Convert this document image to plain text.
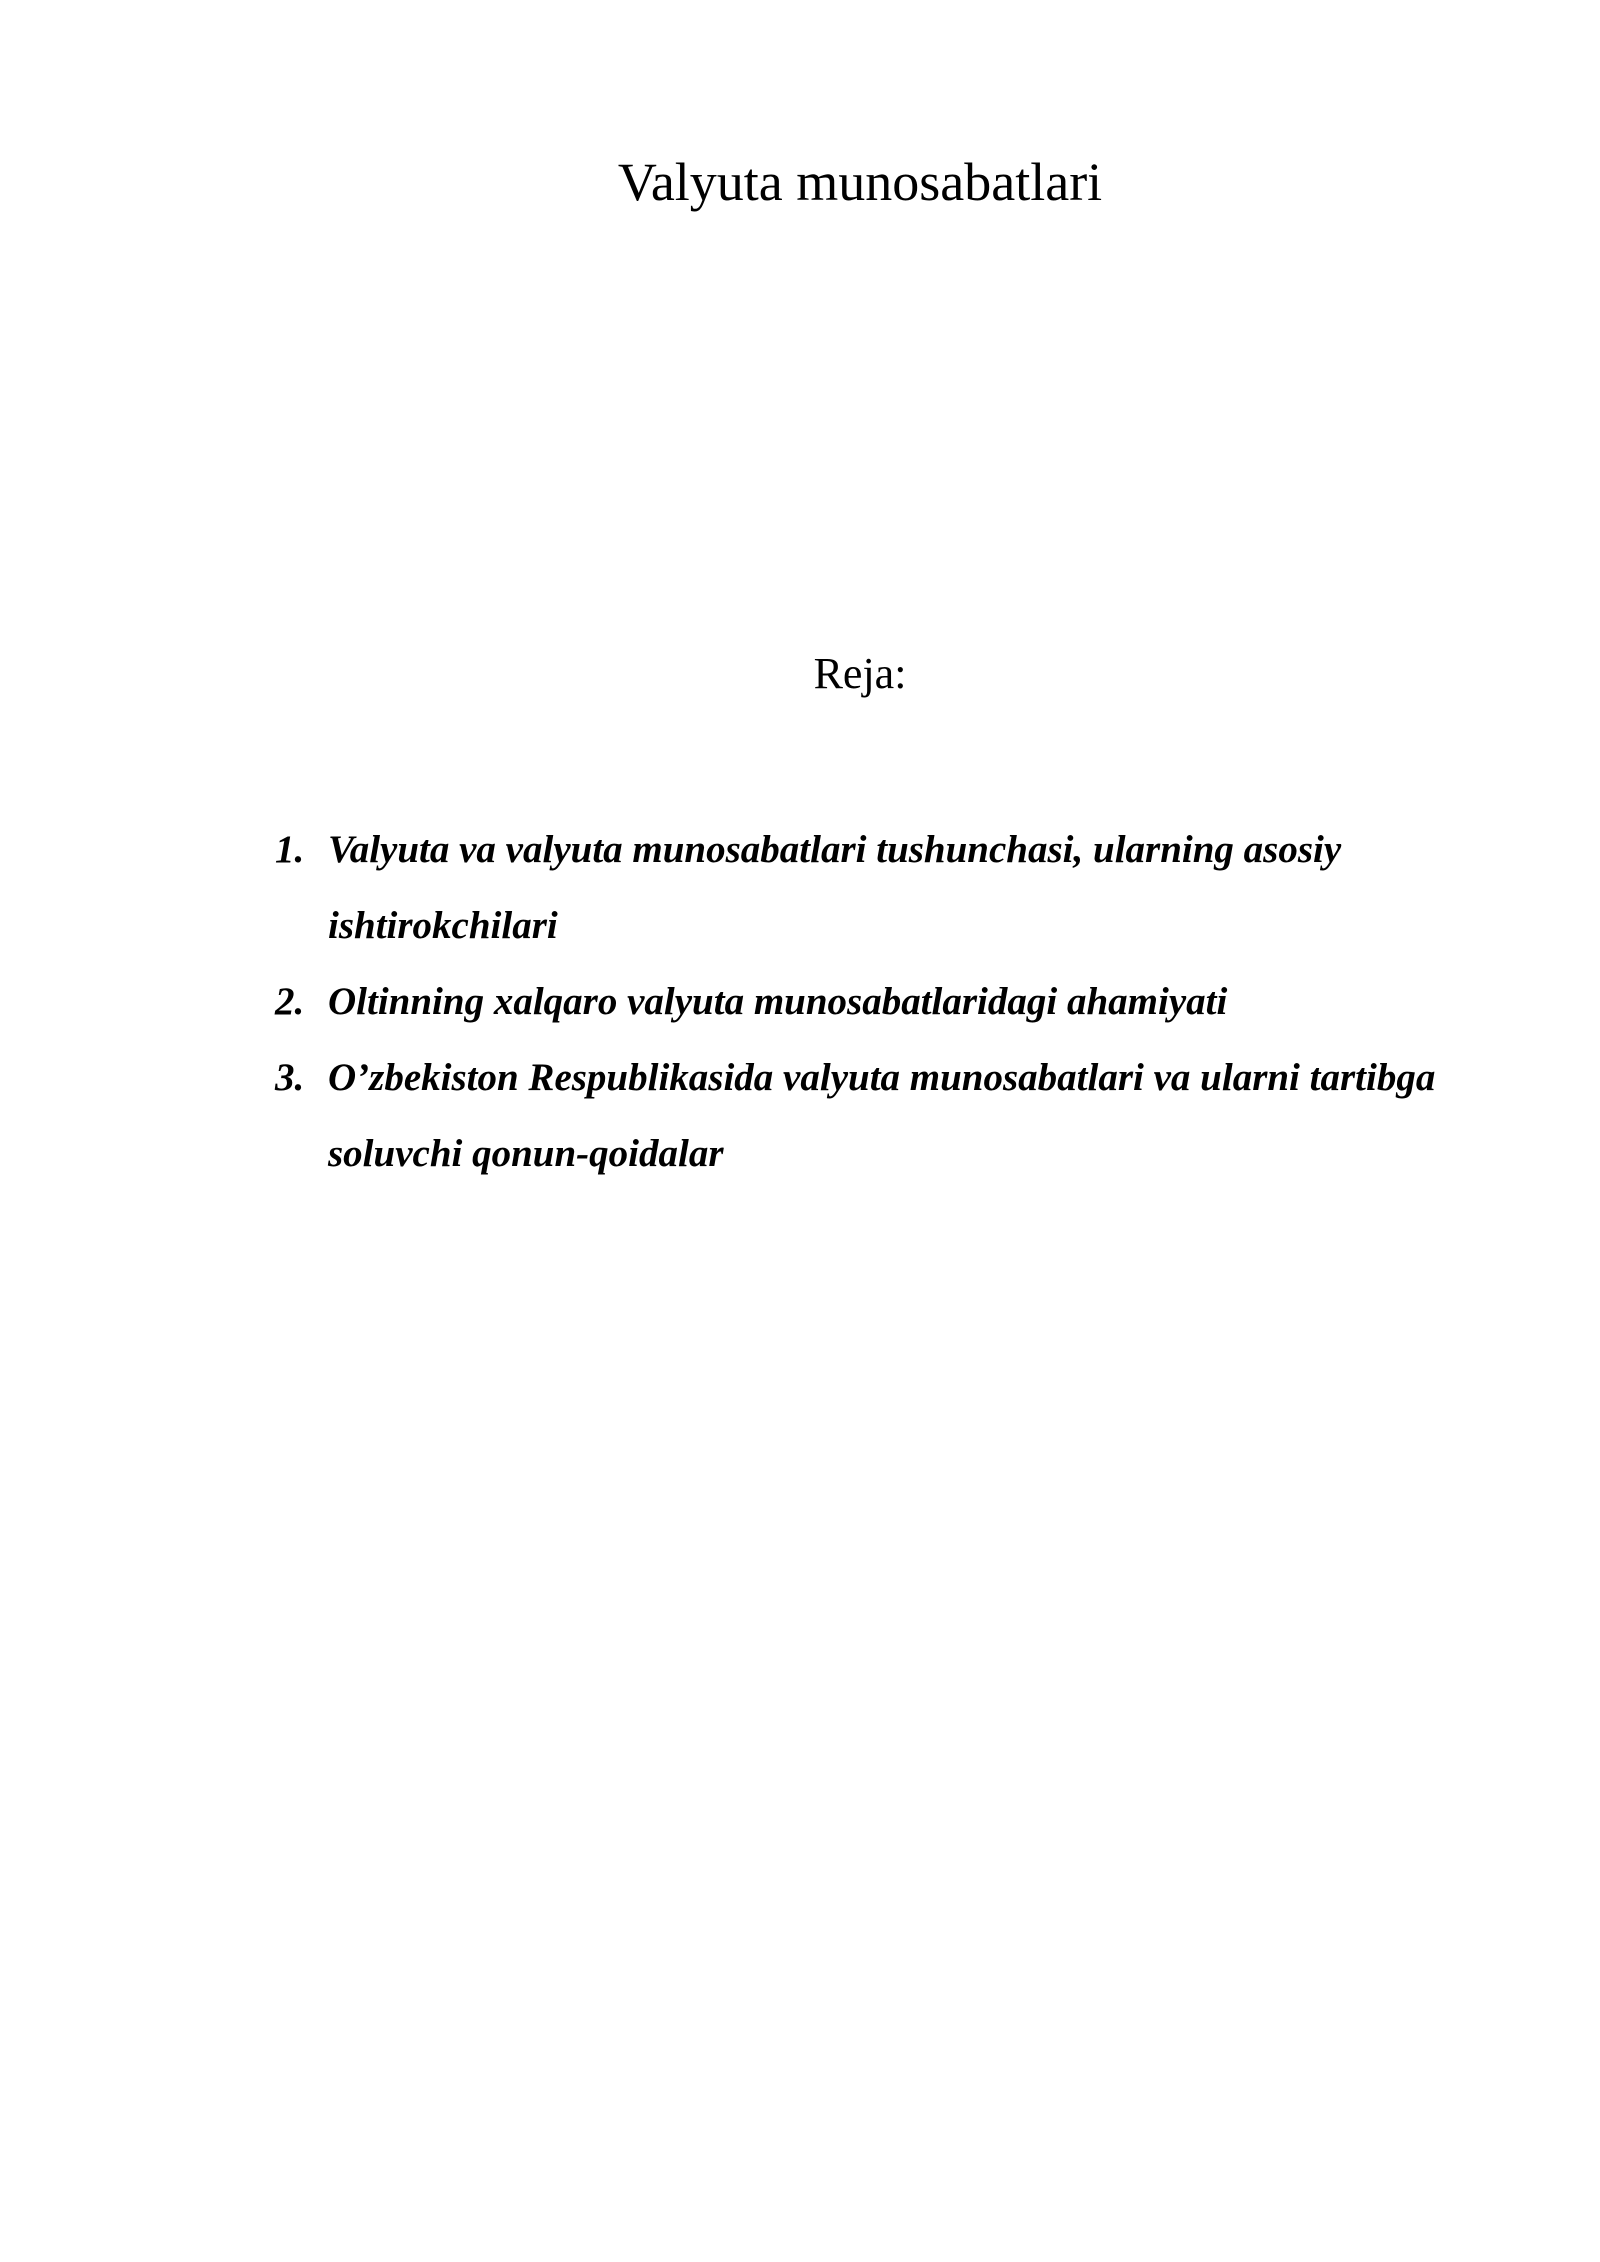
Valyuta munosabatlari
Reja:
1. Valyuta va valyuta munosabatlari tushunchasi, ularning asosiy ishtirokchilari
2. Oltinning xalqaro valyuta munosabatlaridagi ahamiyati
3. O’zbekiston Respublikasida valyuta munosabatlari va ularni tartibga soluvchi qonun-qoidalar
